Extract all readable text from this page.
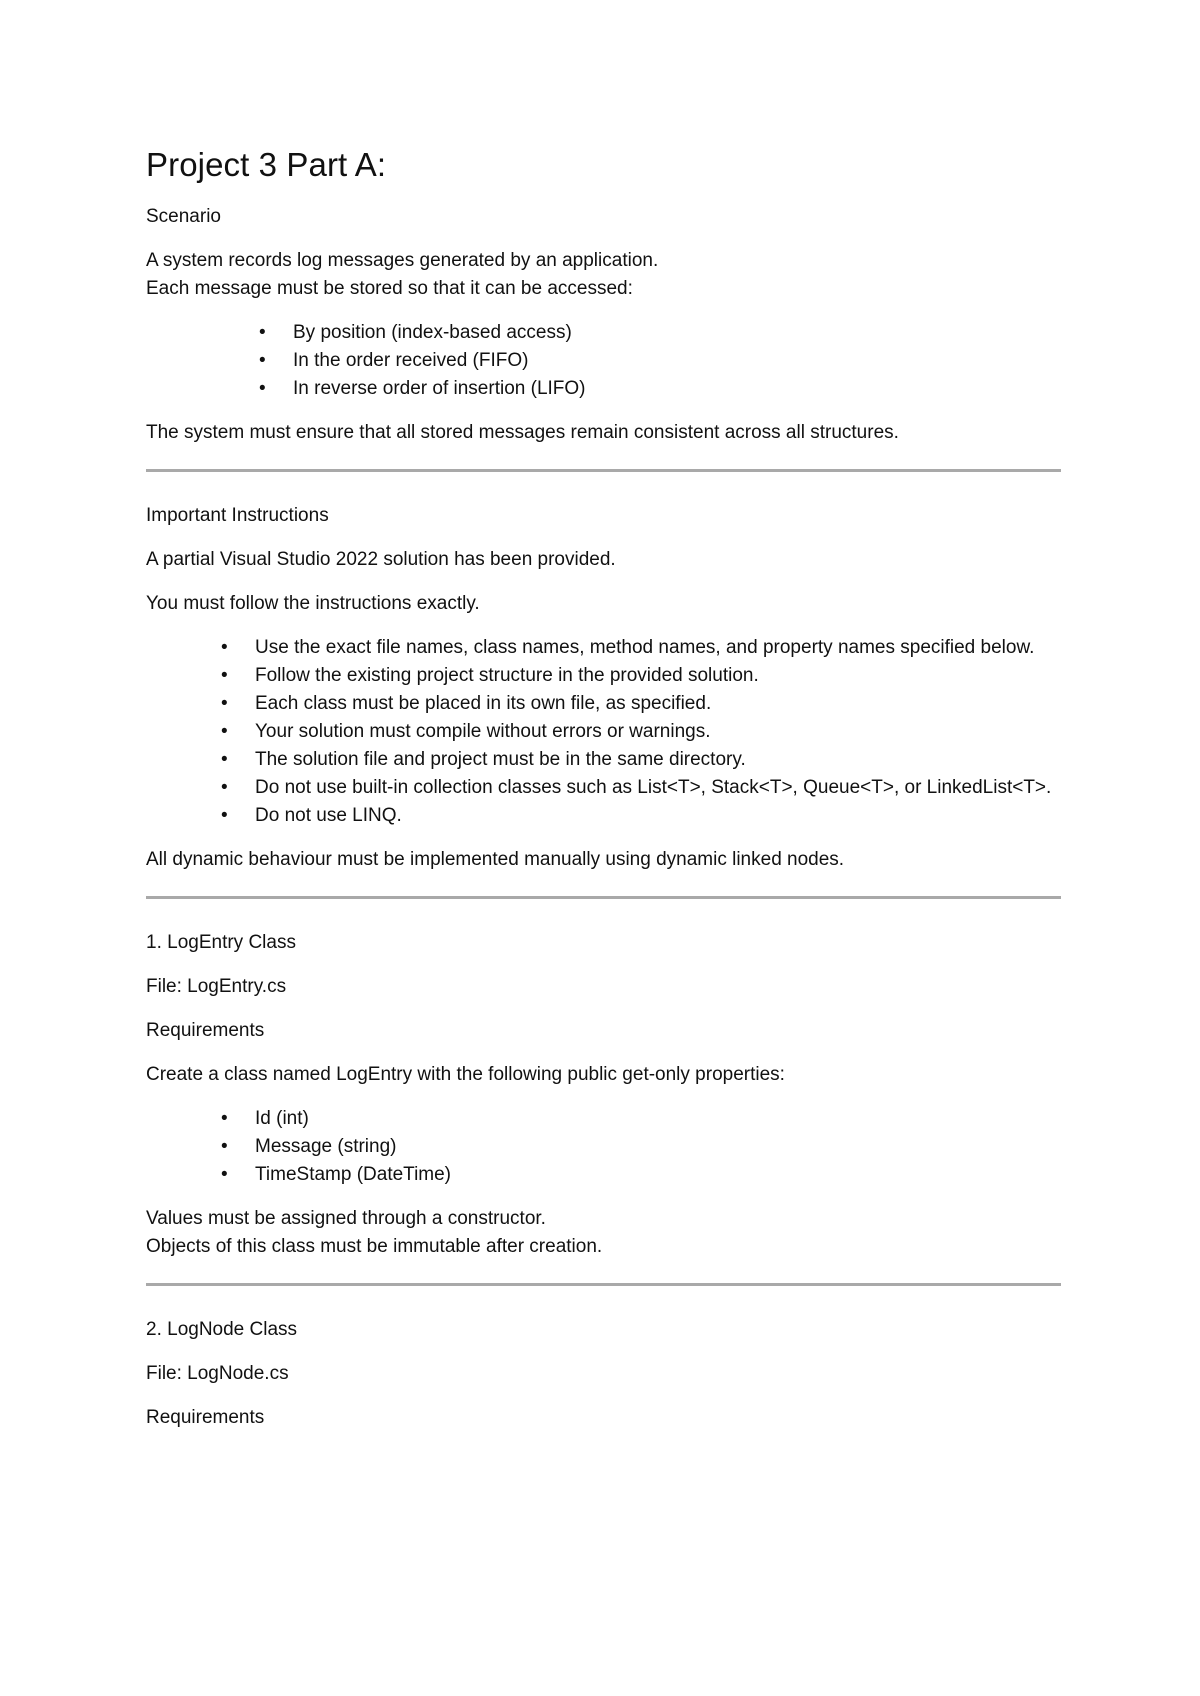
Project 3 Part A:

Scenario

A system records log messages generated by an application.

Each message must be stored so that it can be accessed:

• By position (index-based access)
• In the order received (FIFO)
• In reverse order of insertion (LIFO)

The system must ensure that all stored messages remain consistent across all structures.

Important Instructions

A partial Visual Studio 2022 solution has been provided.

You must follow the instructions exactly.

• Use the exact file names, class names, method names, and property names specified below.
• Follow the existing project structure in the provided solution.
• Each class must be placed in its own file, as specified.
• Your solution must compile without errors or warnings.
• The solution file and project must be in the same directory.
• Do not use built-in collection classes such as List<T>, Stack<T>, Queue<T>, or LinkedList<T>.
• Do not use LINQ.

All dynamic behaviour must be implemented manually using dynamic linked nodes.

1. LogEntry Class

File: LogEntry.cs

Requirements

Create a class named LogEntry with the following public get-only properties:

• Id (int)
• Message (string)
• TimeStamp (DateTime)

Values must be assigned through a constructor.

Objects of this class must be immutable after creation.

2. LogNode Class

File: LogNode.cs

Requirements
